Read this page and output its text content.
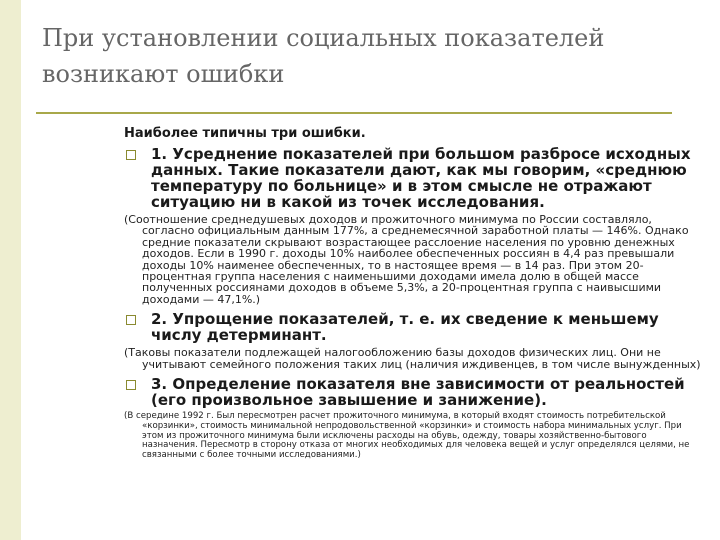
При установлении социальных показателей возникают ошибки
Наиболее типичны три ошибки.
1. Усреднение показателей при большом разбросе исходных данных. Такие показатели дают, как мы говорим, «среднюю температуру по больнице» и в этом смысле не отражают ситуацию ни в какой из точек исследования.
(Соотношение среднедушевых доходов и прожиточного минимума по России составляло, согласно официальным данным 177%, а среднемесячной заработной платы — 146%. Однако средние показатели скрывают возрастающее расслоение населения по уровню денежных доходов. Если в 1990 г. доходы 10% наиболее обеспеченных россиян в 4,4 раз превышали доходы 10% наименее обеспеченных, то в настоящее время — в 14 раз. При этом 20-процентная группа населения с наименьшими доходами имела долю в общей массе полученных россиянами доходов в объеме 5,3%, а 20-процентная группа с наивысшими доходами — 47,1%.)
2. Упрощение показателей, т. е. их сведение к меньшему числу детерминант.
(Таковы показатели подлежащей налогообложению базы доходов физических лиц. Они не учитывают семейного положения таких лиц (наличия иждивенцев, в том числе вынужденных)
3. Определение показателя вне зависимости от реальностей (его произвольное завышение и занижение).
(В середине 1992 г. Был пересмотрен расчет прожиточного минимума, в который входят стоимость потребительской «корзинки», стоимость минимальной непродовольственной «корзинки» и стоимость набора минимальных услуг. При этом из прожиточного минимума были исключены расходы на обувь, одежду, товары хозяйственно-бытового назначения. Пересмотр в сторону отказа от многих необходимых для человека вещей и услуг определялся целями, не связанными с более точными исследованиями.)
